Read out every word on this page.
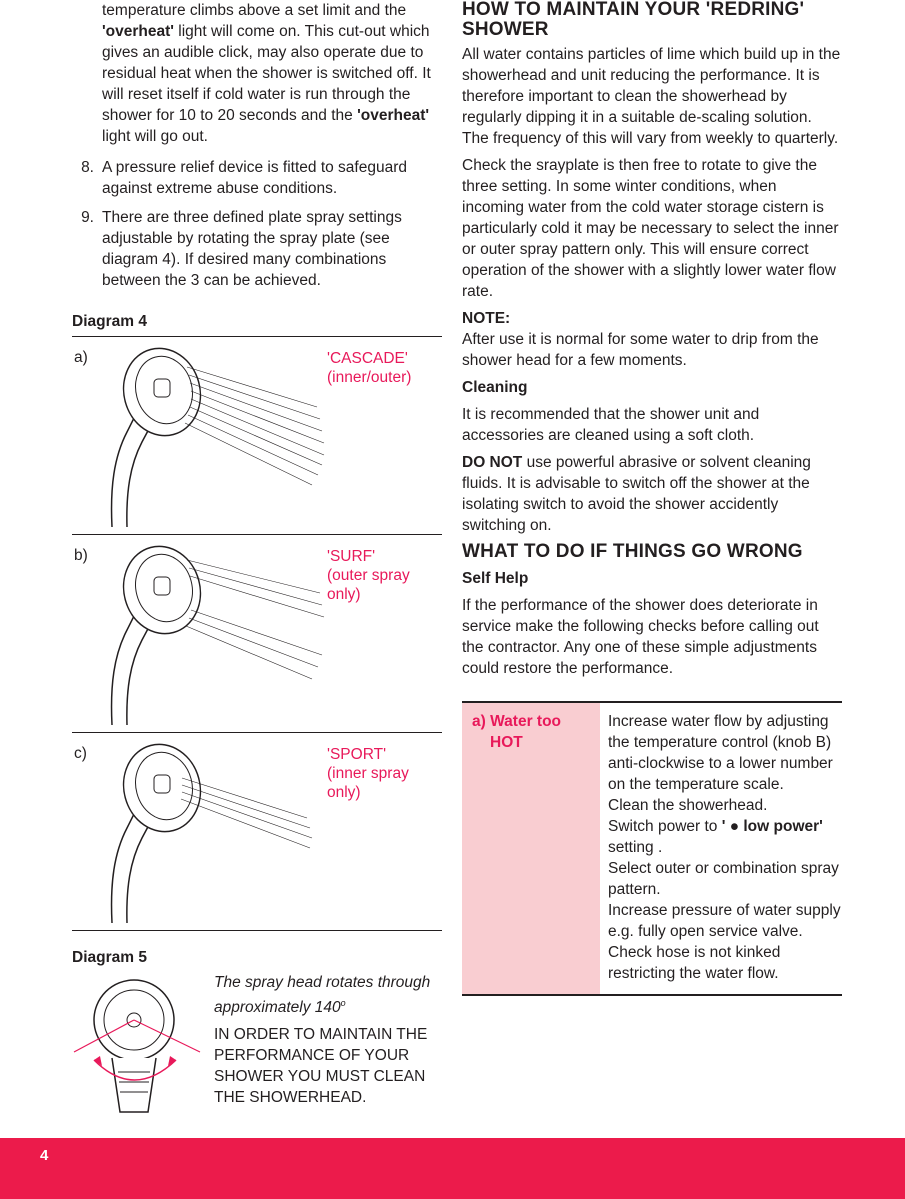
temperature climbs above a set limit and the 'overheat' light will come on. This cut-out which gives an audible click, may also operate due to residual heat when the shower is switched off. It will reset itself if cold water is run through the shower for 10 to 20 seconds and the 'overheat' light will go out.
8. A pressure relief device is fitted to safeguard against extreme abuse conditions.
9. There are three defined plate spray settings adjustable by rotating the spray plate (see diagram 4). If desired many combinations between the 3 can be achieved.
Diagram 4
a)	'CASCADE'
(inner/outer)
b)	'SURF'
(outer spray
only)
c)	'SPORT'
(inner spray
only)
Diagram 5

The spray head rotates through approximately 140$^o$

IN ORDER TO MAINTAIN THE PERFORMANCE OF YOUR SHOWER YOU MUST CLEAN THE SHOWERHEAD.

HOW TO MAINTAIN YOUR 'REDRING' SHOWER

All water contains particles of lime which build up in the showerhead and unit reducing the performance. It is therefore important to clean the showerhead by regularly dipping it in a suitable de-scaling solution. The frequency of this will vary from weekly to quarterly.

Check the srayplate is then free to rotate to give the three setting. In some winter conditions, when incoming water from the cold water storage cistern is particularly cold it may be necessary to select the inner or outer spray pattern only. This will ensure correct operation of the shower with a slightly lower water flow rate.

NOTE:

After use it is normal for some water to drip from the shower head for a few moments.

Cleaning

It is recommended that the shower unit and accessories are cleaned using a soft cloth.

DO NOT use powerful abrasive or solvent cleaning fluids. It is advisable to switch off the shower at the isolating switch to avoid the shower accidently switching on.

WHAT TO DO IF THINGS GO WRONG
Self Help

If the performance of the shower does deteriorate in service make the following checks before calling out the contractor. Any one of these simple adjustments could restore the performance.

a) Water too
HOT
Increase water flow by adjusting the temperature control (knob B) anti-clockwise to a lower number on the temperature scale.
Clean the showerhead.
Switch power to ' ● low power' setting .
Select outer or combination spray pattern.
Increase pressure of water supply e.g. fully open service valve.
Check hose is not kinked restricting the water flow.
4
